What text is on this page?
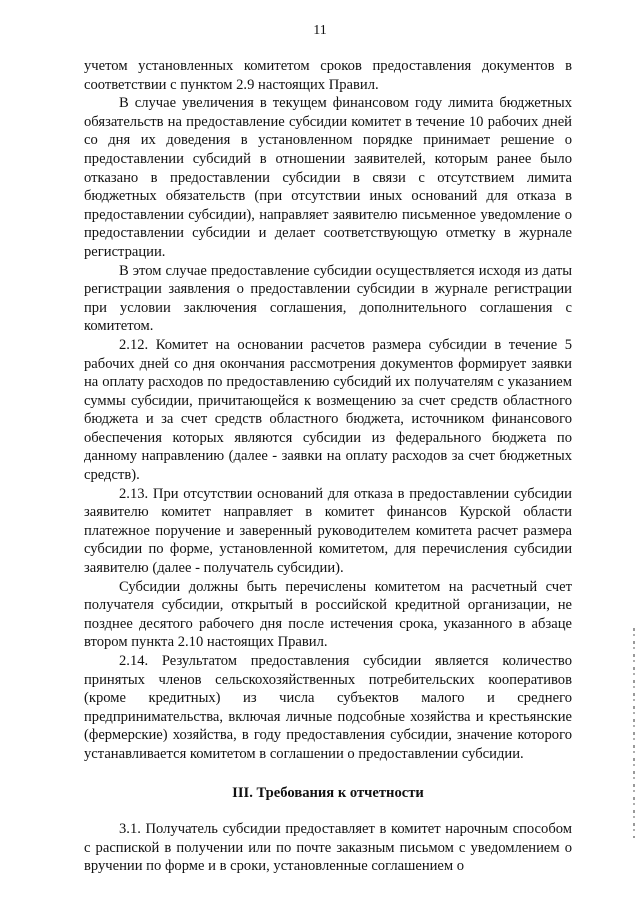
11

учетом установленных комитетом сроков предоставления документов в соответствии с пунктом 2.9 настоящих Правил.

В случае увеличения в текущем финансовом году лимита бюджетных обязательств на предоставление субсидии комитет в течение 10 рабочих дней со дня их доведения в установленном порядке принимает решение о предоставлении субсидий в отношении заявителей, которым ранее было отказано в предоставлении субсидии в связи с отсутствием лимита бюджетных обязательств (при отсутствии иных оснований для отказа в предоставлении субсидии), направляет заявителю письменное уведомление о предоставлении субсидии и делает соответствующую отметку в журнале регистрации.

В этом случае предоставление субсидии осуществляется исходя из даты регистрации заявления о предоставлении субсидии в журнале регистрации при условии заключения соглашения, дополнительного соглашения с комитетом.

2.12. Комитет на основании расчетов размера субсидии в течение 5 рабочих дней со дня окончания рассмотрения документов формирует заявки на оплату расходов по предоставлению субсидий их получателям с указанием суммы субсидии, причитающейся к возмещению за счет средств областного бюджета и за счет средств областного бюджета, источником финансового обеспечения которых являются субсидии из федерального бюджета по данному направлению (далее - заявки на оплату расходов за счет бюджетных средств).

2.13. При отсутствии оснований для отказа в предоставлении субсидии заявителю комитет направляет в комитет финансов Курской области платежное поручение и заверенный руководителем комитета расчет размера субсидии по форме, установленной комитетом, для перечисления субсидии заявителю (далее - получатель субсидии).

Субсидии должны быть перечислены комитетом на расчетный счет получателя субсидии, открытый в российской кредитной организации, не позднее десятого рабочего дня после истечения срока, указанного в абзаце втором пункта 2.10 настоящих Правил.

2.14. Результатом предоставления субсидии является количество принятых членов сельскохозяйственных потребительских кооперативов (кроме кредитных) из числа субъектов малого и среднего предпринимательства, включая личные подсобные хозяйства и крестьянские (фермерские) хозяйства, в году предоставления субсидии, значение которого устанавливается комитетом в соглашении о предоставлении субсидии.

III. Требования к отчетности

3.1. Получатель субсидии предоставляет в комитет нарочным способом с распиской в получении или по почте заказным письмом с уведомлением о вручении по форме и в сроки, установленные соглашением о
